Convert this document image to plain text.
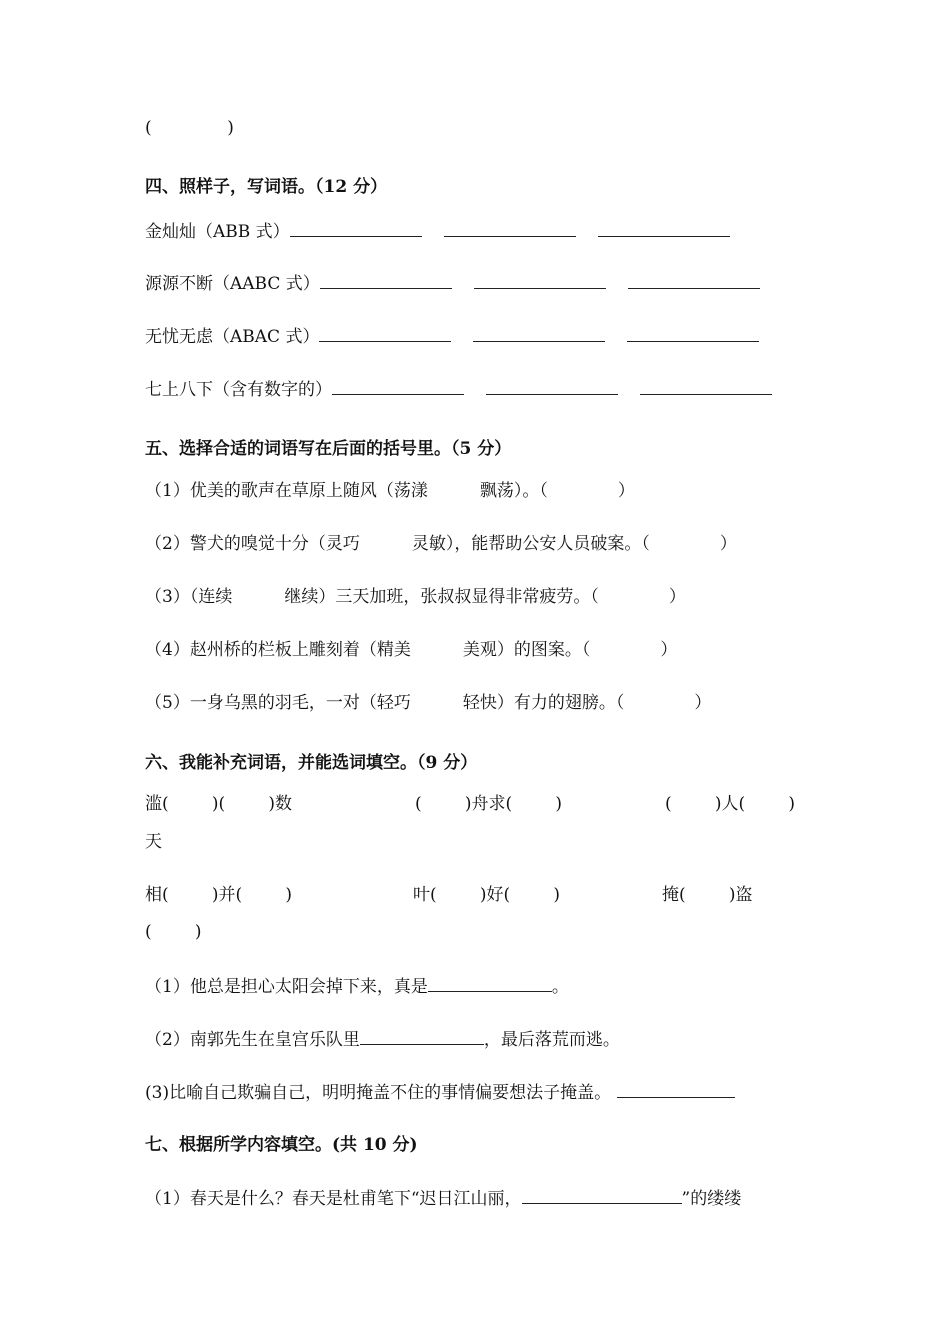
(              )
四、照样子，写词语。（12 分）
金灿灿（ABB 式）
源源不断（AABC 式）
无忧无虑（ABAC 式）
七上八下（含有数字的）
五、选择合适的词语写在后面的括号里。（5 分）
（1）优美的歌声在草原上随风（荡漾	飘荡）。（	）
（2）警犬的嗅觉十分（灵巧	灵敏），能帮助公安人员破案。（	）
（3）（连续	继续）三天加班，张叔叔显得非常疲劳。（	）
（4）赵州桥的栏板上雕刻着（精美	美观）的图案。（	）
（5）一身乌黑的羽毛，一对（轻巧	轻快）有力的翅膀。（	）
六、我能补充词语，并能选词填空。（9 分）
滥(        )(        )数	(        )舟求(        )	(        )人(        )
天
相(        )并(        )	叶(        )好(        )	掩(        )盗
(        )
（1）他总是担心太阳会掉下来，真是	。
（2）南郭先生在皇宫乐队里	，最后落荒而逃。
(3)比喻自己欺骗自己，明明掩盖不住的事情偏要想法子掩盖。
七、根据所学内容填空。(共 10 分)
（1）春天是什么？春天是杜甫笔下“迟日江山丽，	”的缕缕
